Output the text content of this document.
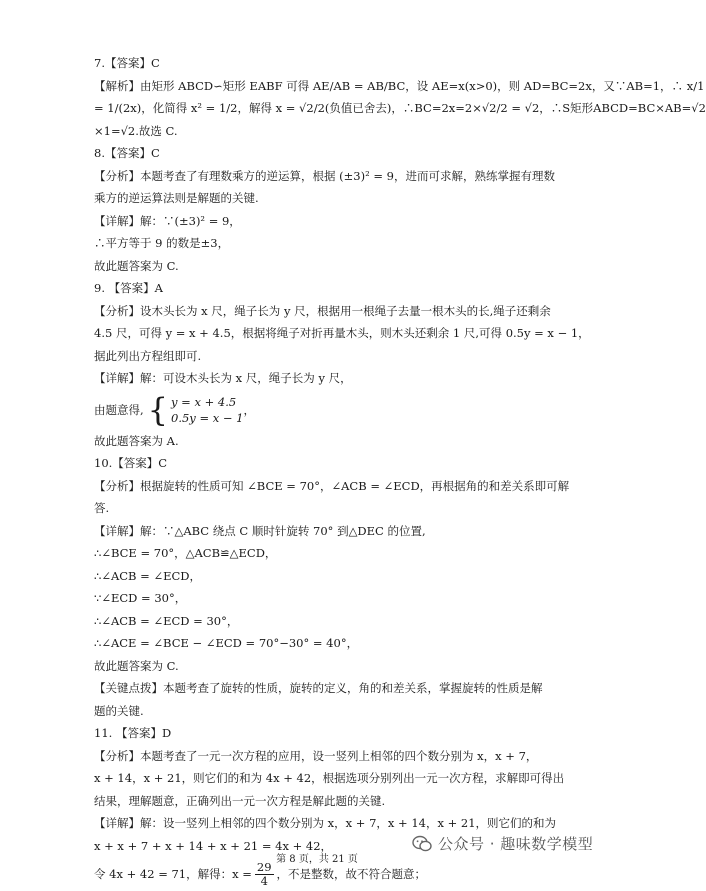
7.【答案】C
【解析】由矩形 ABCD∽矩形 EABF 可得 AE/AB = AB/BC，设 AE=x(x>0)，则 AD=BC=2x，又∵AB=1，∴ x/1
= 1/(2x)，化简得 x² = 1/2，解得 x = √2/2(负值已舍去)，∴BC=2x=2×√2/2 = √2，∴S矩形ABCD=BC×AB=√2
×1=√2.故选 C.
8.【答案】C
【分析】本题考查了有理数乘方的逆运算，根据 (±3)² = 9，进而可求解，熟练掌握有理数
乘方的逆运算法则是解题的关键.
【详解】解：∵(±3)² = 9，
∴平方等于 9 的数是±3，
故此题答案为 C.
9. 【答案】A
【分析】设木头长为 x 尺，绳子长为 y 尺，根据用一根绳子去量一根木头的长,绳子还剩余
4.5 尺，可得 y = x + 4.5，根据将绳子对折再量木头，则木头还剩余 1 尺,可得 0.5y = x − 1，
据此列出方程组即可.
【详解】解：可设木头长为 x 尺，绳子长为 y 尺，
由题意得, { y = x + 4.5
0.5y = x − 1
，
故此题答案为 A.
10.【答案】C
【分析】根据旋转的性质可知 ∠BCE = 70°，∠ACB = ∠ECD，再根据角的和差关系即可解
答.
【详解】解：∵△ABC 绕点 C 顺时针旋转 70° 到△DEC 的位置,
∴∠BCE = 70°，△ACB≌△ECD，
∴∠ACB = ∠ECD，
∵∠ECD = 30°，
∴∠ACB = ∠ECD = 30°，
∴∠ACE = ∠BCE − ∠ECD = 70°−30° = 40°，
故此题答案为 C.
【关键点拨】本题考查了旋转的性质，旋转的定义，角的和差关系，掌握旋转的性质是解
题的关键.
11. 【答案】D
【分析】本题考查了一元一次方程的应用，设一竖列上相邻的四个数分别为 x，x + 7，
x + 14，x + 21，则它们的和为 4x + 42，根据选项分别列出一元一次方程，求解即可得出
结果，理解题意，正确列出一元一次方程是解此题的关键.
【详解】解：设一竖列上相邻的四个数分别为 x，x + 7，x + 14，x + 21，则它们的和为
x + x + 7 + x + 14 + x + 21 = 4x + 42，
令 4x + 42 = 71，解得：$x = \frac{29}{4}$ ，不是整数，故不符合题意；
公众号 · 趣味数学模型
第 8 页，共 21 页
